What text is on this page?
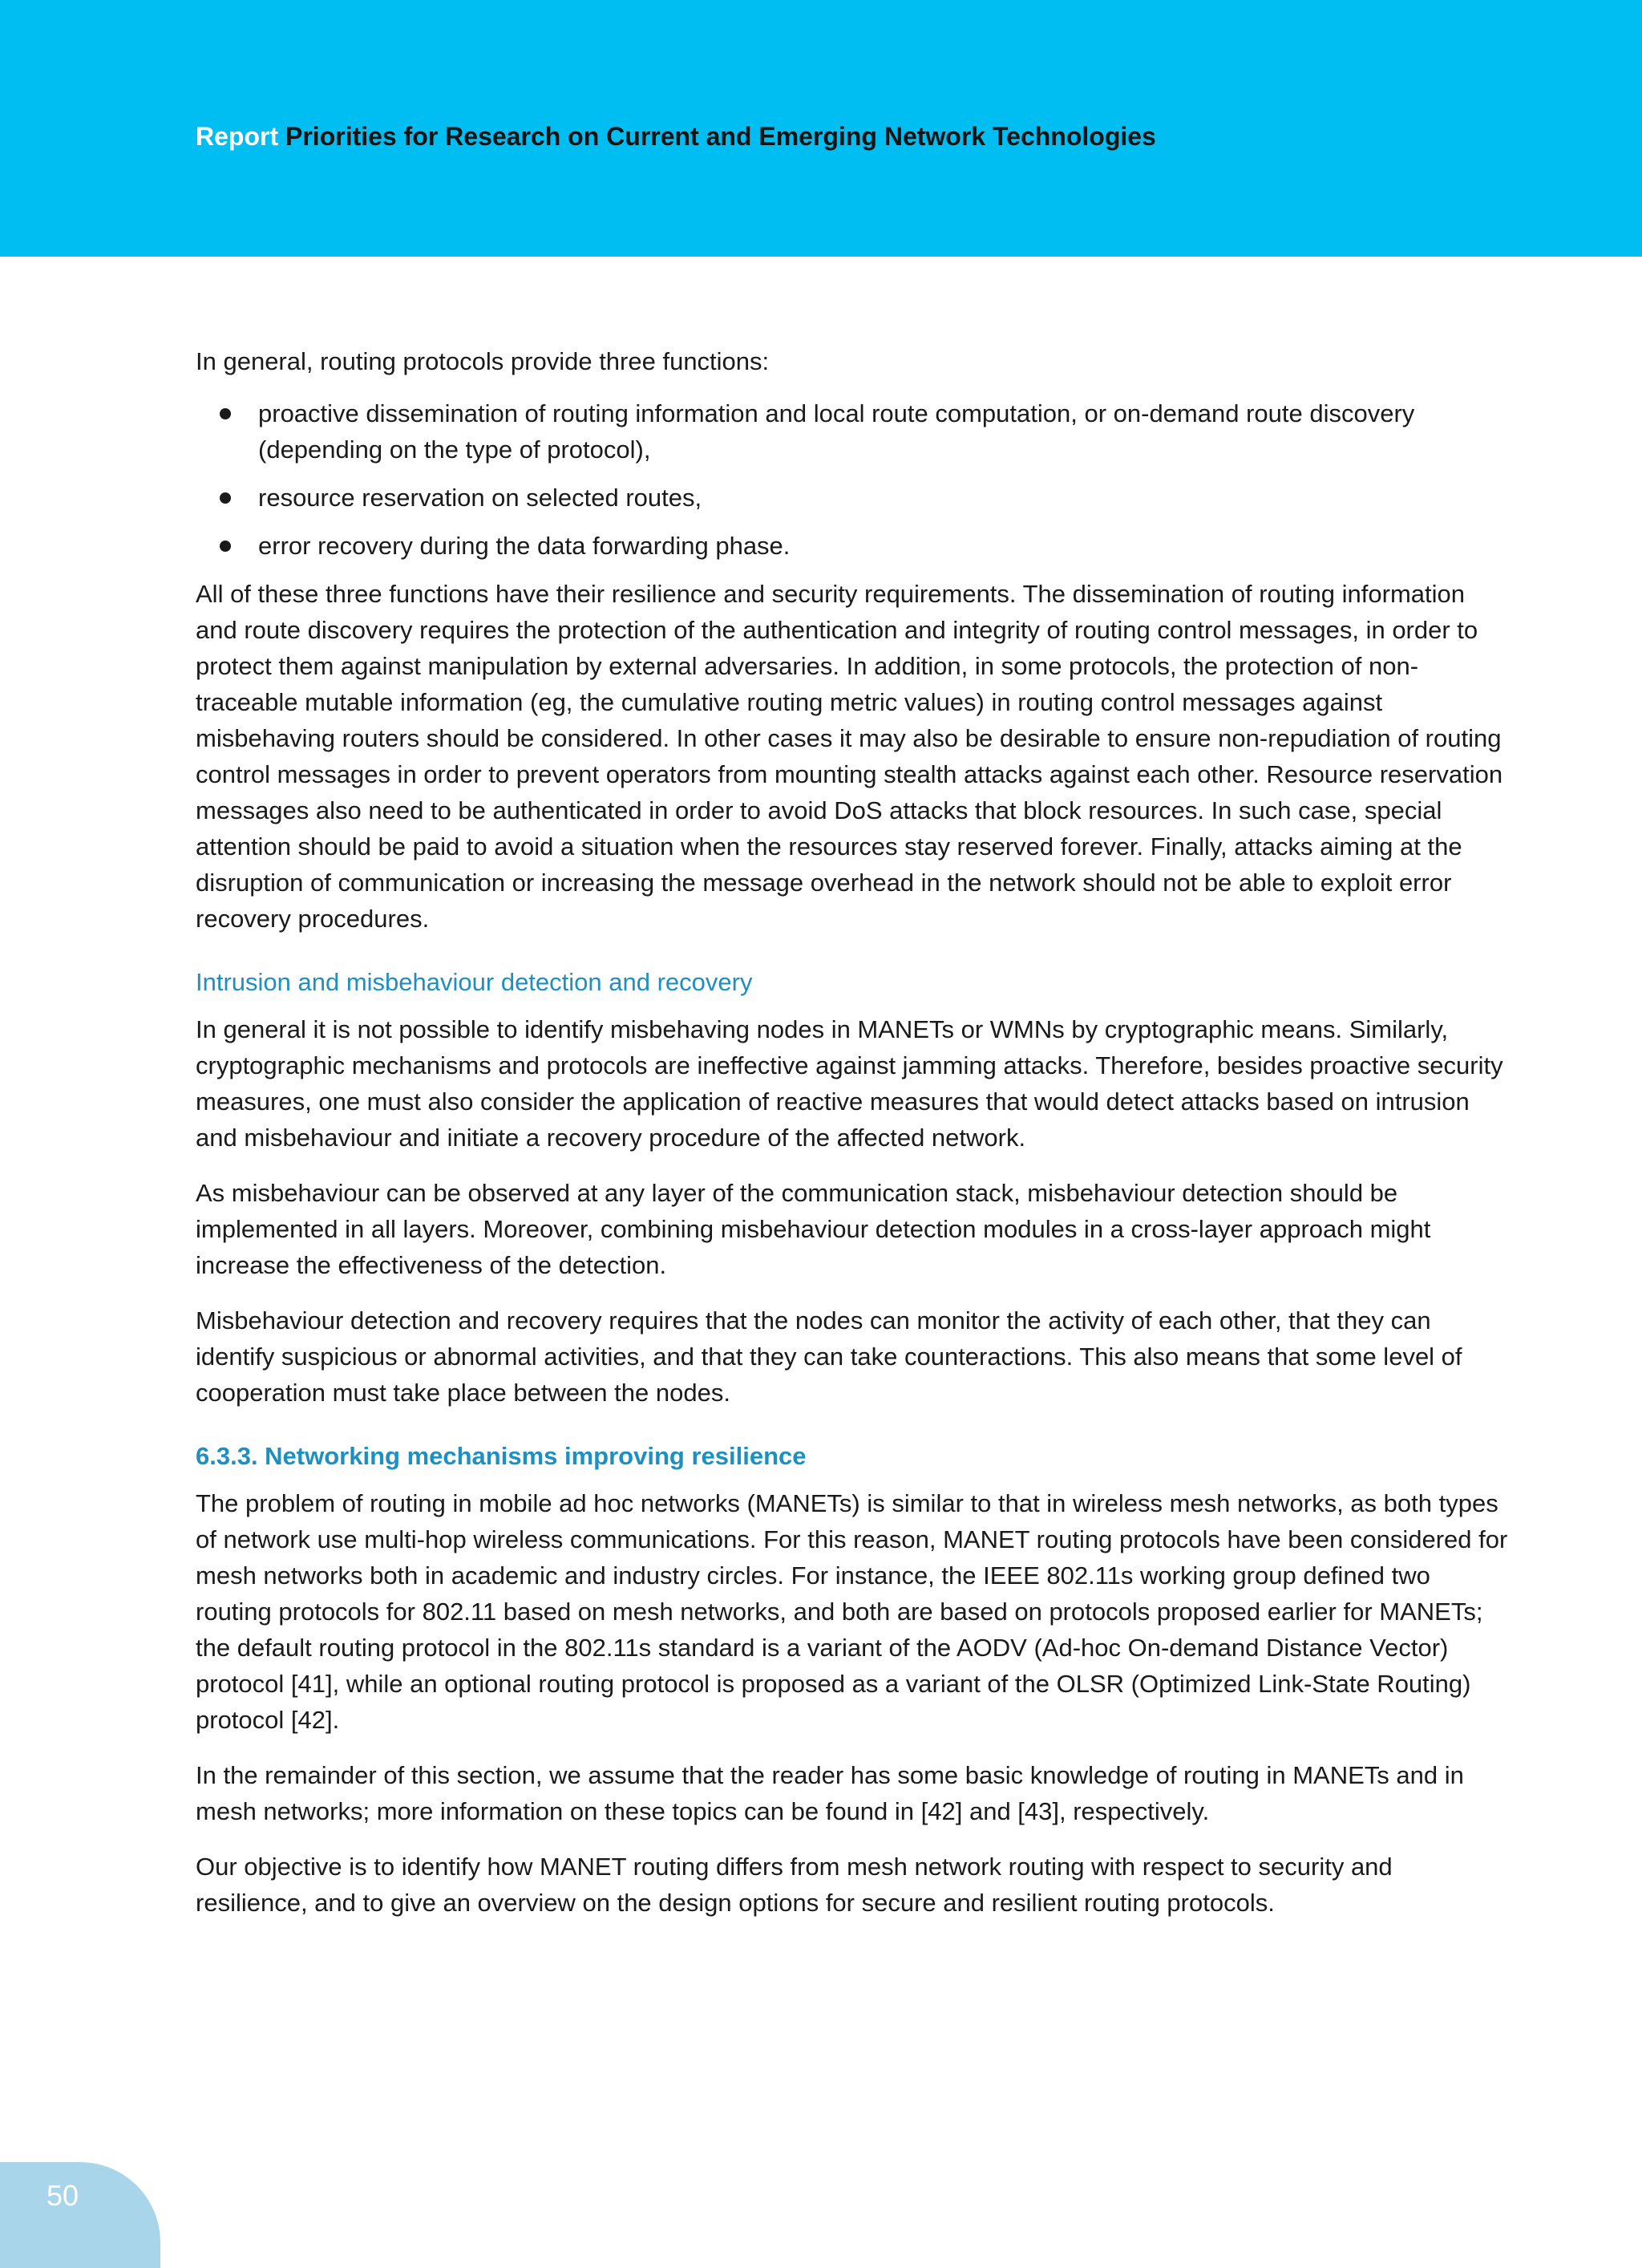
Report Priorities for Research on Current and Emerging Network Technologies

In general, routing protocols provide three functions:

proactive dissemination of routing information and local route computation, or on-demand route discovery (depending on the type of protocol),
resource reservation on selected routes,
error recovery during the data forwarding phase.

All of these three functions have their resilience and security requirements. The dissemination of routing information and route discovery requires the protection of the authentication and integrity of routing control messages, in order to protect them against manipulation by external adversaries. In addition, in some protocols, the protection of non-traceable mutable information (eg, the cumulative routing metric values) in routing control messages against misbehaving routers should be considered. In other cases it may also be desirable to ensure non-repudiation of routing control messages in order to prevent operators from mounting stealth attacks against each other. Resource reservation messages also need to be authenticated in order to avoid DoS attacks that block resources. In such case, special attention should be paid to avoid a situation when the resources stay reserved forever. Finally, attacks aiming at the disruption of communication or increasing the message overhead in the network should not be able to exploit error recovery procedures.

Intrusion and misbehaviour detection and recovery

In general it is not possible to identify misbehaving nodes in MANETs or WMNs by cryptographic means. Similarly, cryptographic mechanisms and protocols are ineffective against jamming attacks. Therefore, besides proactive security measures, one must also consider the application of reactive measures that would detect attacks based on intrusion and misbehaviour and initiate a recovery procedure of the affected network.

As misbehaviour can be observed at any layer of the communication stack, misbehaviour detection should be implemented in all layers. Moreover, combining misbehaviour detection modules in a cross-layer approach might increase the effectiveness of the detection.

Misbehaviour detection and recovery requires that the nodes can monitor the activity of each other, that they can identify suspicious or abnormal activities, and that they can take counteractions. This also means that some level of cooperation must take place between the nodes.

6.3.3. Networking mechanisms improving resilience

The problem of routing in mobile ad hoc networks (MANETs) is similar to that in wireless mesh networks, as both types of network use multi-hop wireless communications. For this reason, MANET routing protocols have been considered for mesh networks both in academic and industry circles. For instance, the IEEE 802.11s working group defined two routing protocols for 802.11 based on mesh networks, and both are based on protocols proposed earlier for MANETs; the default routing protocol in the 802.11s standard is a variant of the AODV (Ad-hoc On-demand Distance Vector) protocol [41], while an optional routing protocol is proposed as a variant of the OLSR (Optimized Link-State Routing) protocol [42].

In the remainder of this section, we assume that the reader has some basic knowledge of routing in MANETs and in mesh networks; more information on these topics can be found in [42] and [43], respectively.

Our objective is to identify how MANET routing differs from mesh network routing with respect to security and resilience, and to give an overview on the design options for secure and resilient routing protocols.

50
